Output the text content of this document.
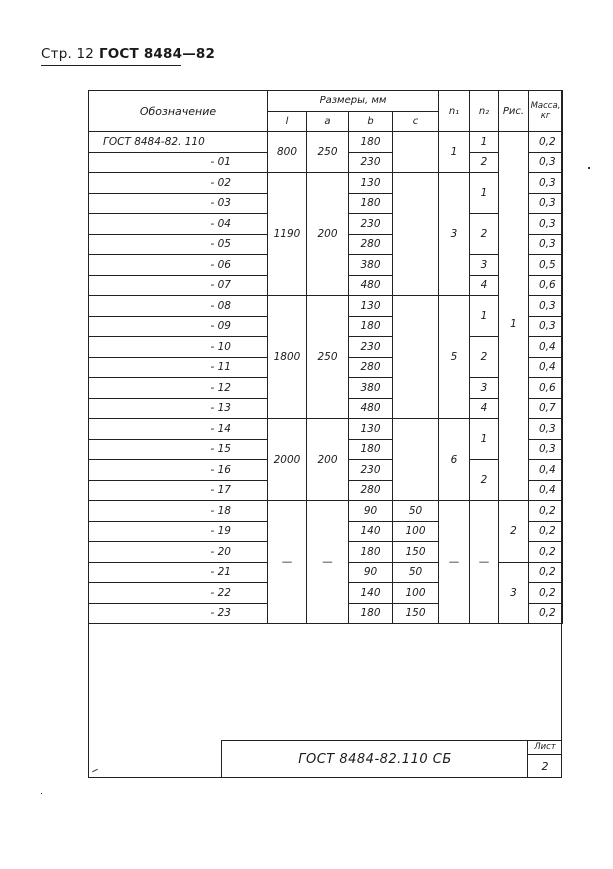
Стр. 12 ГОСТ 8484—82
Обозначение	Размеры, мм				n₁	n₂	Рис.	Масса,
кг

	l	a	b	c				
ГОСТ 8484-82. 110	800	250	180		1	1	1	0,2
- 01			230			2		0,3
- 02	1190	200	130		3	1		0,3
- 03			180					0,3
- 04			230			2		0,3
- 05			280					0,3
- 06			380			3		0,5
- 07			480			4		0,6
- 08	1800	250	130		5	1		0,3
- 09			180					0,3
- 10			230			2		0,4
- 11			280					0,4
- 12			380			3		0,6
- 13			480			4		0,7
- 14	2000	200	130		6	1		0,3
- 15			180					0,3
- 16			230			2		0,4
- 17			280					0,4
- 18	—	—	90	50	—	—	2	0,2
- 19			140	100				0,2
- 20			180	150				0,2
- 21			90	50			3	0,2
- 22			140	100				0,2
- 23			180	150				0,2
ГОСТ 8484-82.110 СБ
Лист
2
